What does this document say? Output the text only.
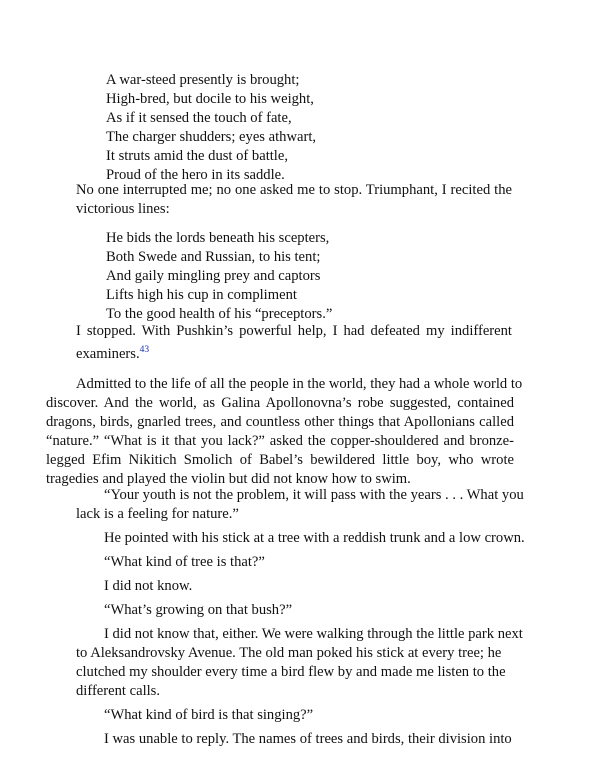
A war-steed presently is brought;
High-bred, but docile to his weight,
As if it sensed the touch of fate,
The charger shudders; eyes athwart,
It struts amid the dust of battle,
Proud of the hero in its saddle.
No one interrupted me; no one asked me to stop. Triumphant, I recited the
victorious lines:
He bids the lords beneath his scepters,
Both Swede and Russian, to his tent;
And gaily mingling prey and captors
Lifts high his cup in compliment
To the good health of his “preceptors.”
I stopped. With Pushkin’s powerful help, I had defeated my indifferent
examiners.$^{43}$
Admitted to the life of all the people in the world, they had a whole world to
discover. And the world, as Galina Apollonovna’s robe suggested, contained
dragons, birds, gnarled trees, and countless other things that Apollonians called
“nature.” “What is it that you lack?” asked the copper-shouldered and bronze-
legged Efim Nikitich Smolich of Babel’s bewildered little boy, who wrote
tragedies and played the violin but did not know how to swim.
“Your youth is not the problem, it will pass with the years . . . What you
lack is a feeling for nature.”
He pointed with his stick at a tree with a reddish trunk and a low crown.
“What kind of tree is that?”
I did not know.
“What’s growing on that bush?”
I did not know that, either. We were walking through the little park next
to Aleksandrovsky Avenue. The old man poked his stick at every tree; he
clutched my shoulder every time a bird flew by and made me listen to the
different calls.
“What kind of bird is that singing?”
I was unable to reply. The names of trees and birds, their division into
